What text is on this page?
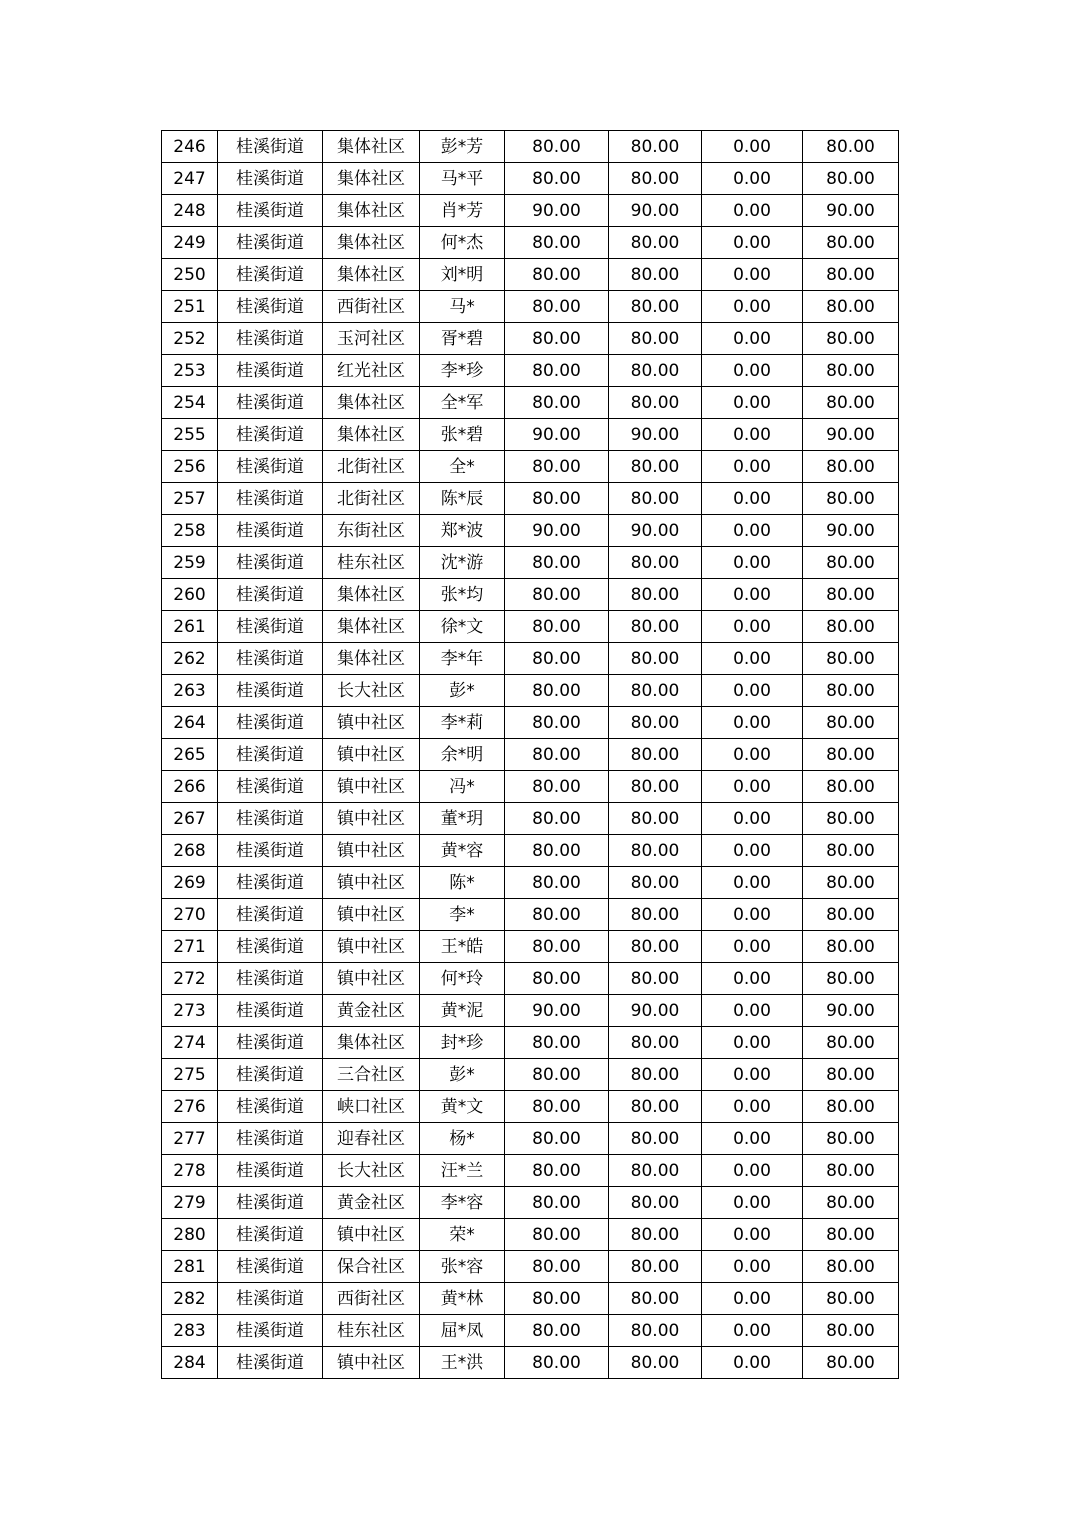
246	桂溪街道	集体社区	彭*芳	80.00	80.00	0.00	80.00
247	桂溪街道	集体社区	马*平	80.00	80.00	0.00	80.00
248	桂溪街道	集体社区	肖*芳	90.00	90.00	0.00	90.00
249	桂溪街道	集体社区	何*杰	80.00	80.00	0.00	80.00
250	桂溪街道	集体社区	刘*明	80.00	80.00	0.00	80.00
251	桂溪街道	西街社区	马*	80.00	80.00	0.00	80.00
252	桂溪街道	玉河社区	胥*碧	80.00	80.00	0.00	80.00
253	桂溪街道	红光社区	李*珍	80.00	80.00	0.00	80.00
254	桂溪街道	集体社区	全*军	80.00	80.00	0.00	80.00
255	桂溪街道	集体社区	张*碧	90.00	90.00	0.00	90.00
256	桂溪街道	北街社区	全*	80.00	80.00	0.00	80.00
257	桂溪街道	北街社区	陈*辰	80.00	80.00	0.00	80.00
258	桂溪街道	东街社区	郑*波	90.00	90.00	0.00	90.00
259	桂溪街道	桂东社区	沈*游	80.00	80.00	0.00	80.00
260	桂溪街道	集体社区	张*均	80.00	80.00	0.00	80.00
261	桂溪街道	集体社区	徐*文	80.00	80.00	0.00	80.00
262	桂溪街道	集体社区	李*年	80.00	80.00	0.00	80.00
263	桂溪街道	长大社区	彭*	80.00	80.00	0.00	80.00
264	桂溪街道	镇中社区	李*莉	80.00	80.00	0.00	80.00
265	桂溪街道	镇中社区	余*明	80.00	80.00	0.00	80.00
266	桂溪街道	镇中社区	冯*	80.00	80.00	0.00	80.00
267	桂溪街道	镇中社区	董*玥	80.00	80.00	0.00	80.00
268	桂溪街道	镇中社区	黄*容	80.00	80.00	0.00	80.00
269	桂溪街道	镇中社区	陈*	80.00	80.00	0.00	80.00
270	桂溪街道	镇中社区	李*	80.00	80.00	0.00	80.00
271	桂溪街道	镇中社区	王*皓	80.00	80.00	0.00	80.00
272	桂溪街道	镇中社区	何*玲	80.00	80.00	0.00	80.00
273	桂溪街道	黄金社区	黄*泥	90.00	90.00	0.00	90.00
274	桂溪街道	集体社区	封*珍	80.00	80.00	0.00	80.00
275	桂溪街道	三合社区	彭*	80.00	80.00	0.00	80.00
276	桂溪街道	峡口社区	黄*文	80.00	80.00	0.00	80.00
277	桂溪街道	迎春社区	杨*	80.00	80.00	0.00	80.00
278	桂溪街道	长大社区	汪*兰	80.00	80.00	0.00	80.00
279	桂溪街道	黄金社区	李*容	80.00	80.00	0.00	80.00
280	桂溪街道	镇中社区	荣*	80.00	80.00	0.00	80.00
281	桂溪街道	保合社区	张*容	80.00	80.00	0.00	80.00
282	桂溪街道	西街社区	黄*林	80.00	80.00	0.00	80.00
283	桂溪街道	桂东社区	屈*凤	80.00	80.00	0.00	80.00
284	桂溪街道	镇中社区	王*洪	80.00	80.00	0.00	80.00
